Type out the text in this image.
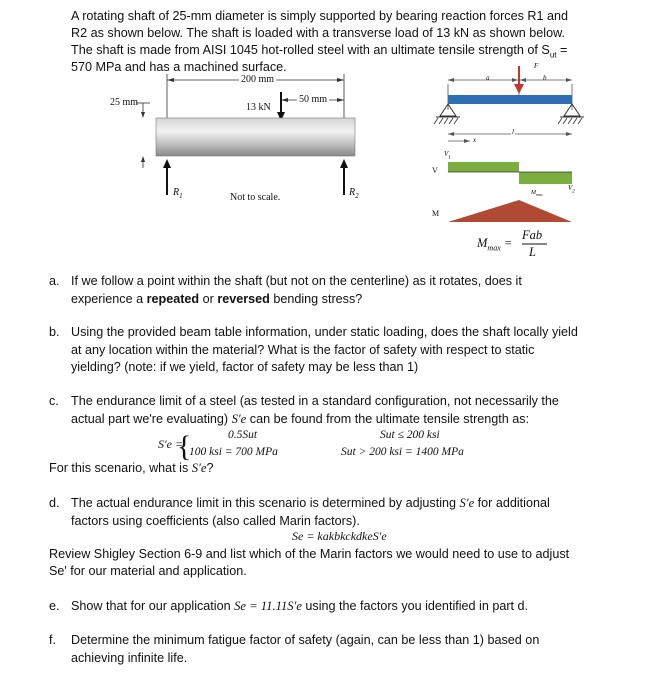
A rotating shaft of 25-mm diameter is simply supported by bearing reaction forces R1 and
R2 as shown below. The shaft is loaded with a transverse load of 13 kN as shown below.
The shaft is made from AISI 1045 hot-rolled steel with an ultimate tensile strength of $S_{ut}$ =
570 MPa and has a machined surface.
{
200 mm
25 mm	13 kN
50 mm
$R_1$	$R_2$
Not to scale.
F
a	b
l
x
$V_1$
$V_2$
V
M
$M_{max}$
$M_{max}$ =
Fab
L
a. If we follow a point within the shaft (but not on the centerline) as it rotates, does it
experience a repeated or reversed bending stress?
b. Using the provided beam table information, under static loading, does the shaft locally yield
at any location within the material? What is the factor of safety with respect to static
yielding? (note: if we yield, factor of safety may be less than 1)
c. The endurance limit of a steel (as tested in a standard configuration, not necessarily the
actual part we're evaluating) S′e can be found from the ultimate tensile strength as:
S′e =
0.5Sut	Sut ≤ 200 ksi
100 ksi = 700 MPa	Sut > 200 ksi = 1400 MPa
For this scenario, what is S′e?
d. The actual endurance limit in this scenario is determined by adjusting S′e for additional
factors using coefficients (also called Marin factors).
Se = kakbkckdkeS′e
Review Shigley Section 6-9 and list which of the Marin factors we would need to use to adjust
Se' for our material and application.
e. Show that for our application Se = 11.11S′e using the factors you identified in part d.
f. Determine the minimum fatigue factor of safety (again, can be less than 1) based on
achieving infinite life.
